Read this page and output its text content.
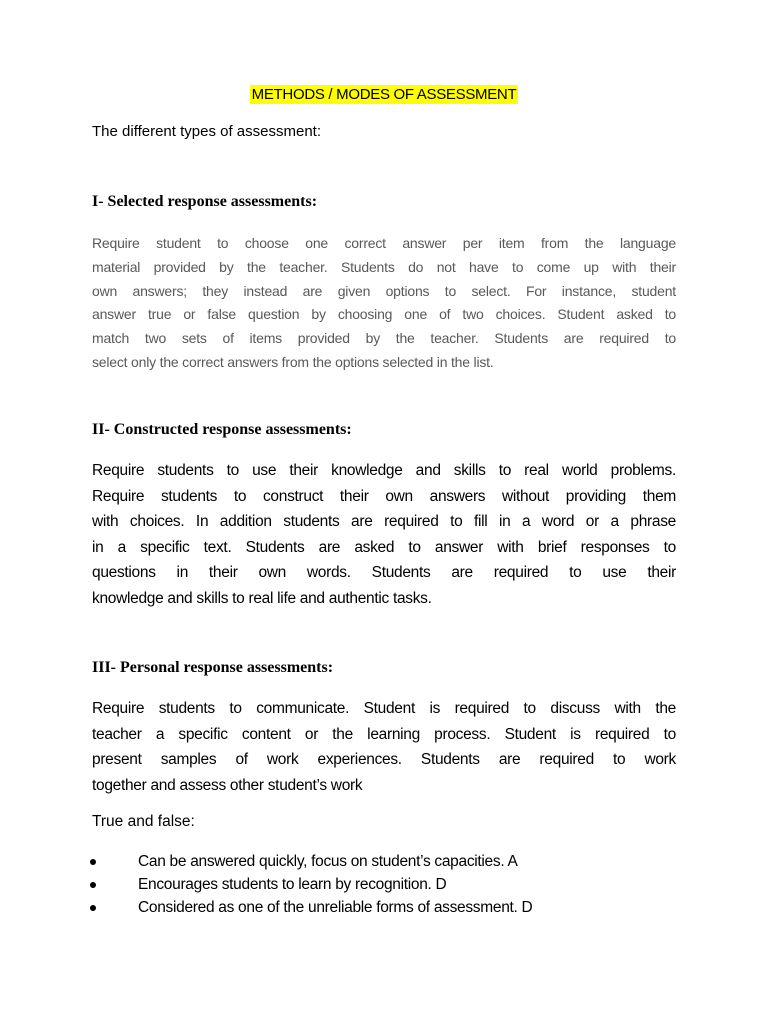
METHODS / MODES OF ASSESSMENT
The different types of assessment:
I- Selected response assessments:
Require student to choose one correct answer per item from the language
material provided by the teacher. Students do not have to come up with their
own answers; they instead are given options to select. For instance, student
answer true or false question by choosing one of two choices. Student asked to
match two sets of items provided by the teacher. Students are required to
select only the correct answers from the options selected in the list.
II- Constructed response assessments:
Require students to use their knowledge and skills to real world problems.
Require students to construct their own answers without providing them
with choices. In addition students are required to fill in a word or a phrase
in a specific text. Students are asked to answer with brief responses to
questions in their own words. Students are required to use their
knowledge and skills to real life and authentic tasks.
III- Personal response assessments:
Require students to communicate. Student is required to discuss with the
teacher a specific content or the learning process. Student is required to
present samples of work experiences. Students are required to work
together and assess other student’s work
True and false:
Can be answered quickly, focus on student’s capacities. A
Encourages students to learn by recognition. D
Considered as one of the unreliable forms of assessment. D
